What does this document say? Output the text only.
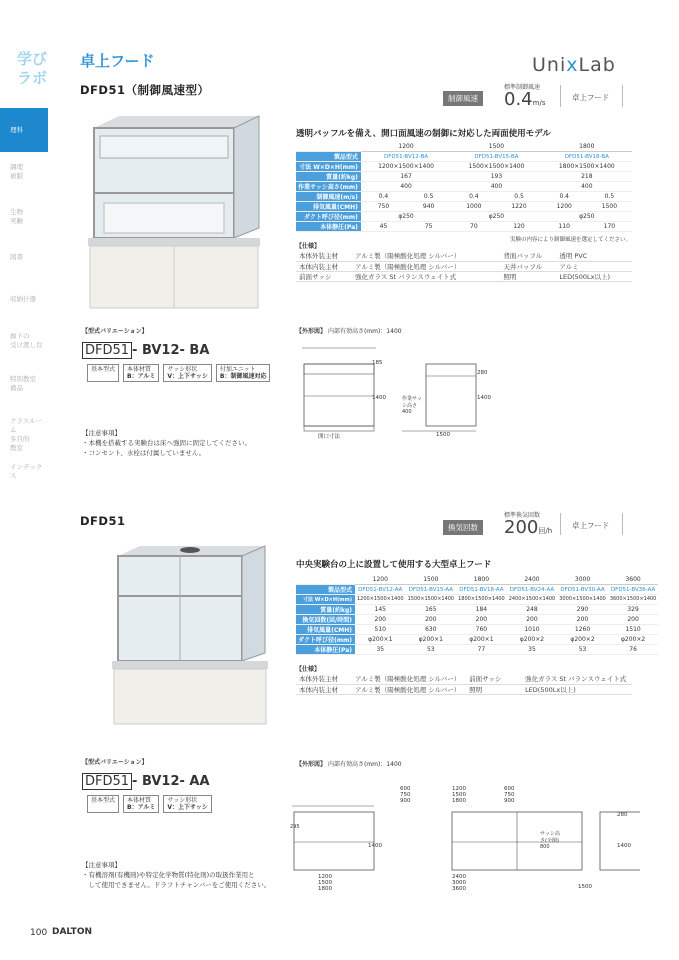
学び
ラボ
理科
調理
被服
生物
実験
図書
収納什器
廊下の
受け渡し台
特別教室
備品
クラスルーム
多目的
教室
インデックス
卓上フード	UnixLab
DFD51（制御風速型）
制御風速
標準制御風速
0.4m/s
卓上フード
透明バッフルを備え、開口面風速の制御に対応した両面使用モデル
	1200		1500		1800	
製品型式	DFD51-BV12-BA		DFD51-BV15-BA		DFD51-BV18-BA	
寸法 W×D×H(mm)	1200×1500×1400		1500×1500×1400		1800×1500×1400	
質量(約kg)	167		193		218	
作業サッシ高さ(mm)	400		400		400	
制御風速(m/s)	0.4	0.5	0.4	0.5	0.4	0.5
排気風量(CMH)	750	940	1000	1220	1200	1500
ダクト呼び径(mm)	φ250		φ250		φ250	
本体静圧(Pa)	45	75	70	120	110	170
実験の内容により制御風速を選定してください。
【仕様】
本体外装主材	アルミ製（陽極酸化処理 シルバー）	背面バッフル	透明 PVC
本体内装主材	アルミ製（陽極酸化処理 シルバー）	天井バッフル	アルミ
前面サッシ	強化ガラス St バランスウェイト式	照明	LED(500Lx以上)
【型式バリエーション】
DFD51 - BV12- BA
基本型式	本体材質
B：アルミ
サッシ形状
V：上下サッシ
付加ユニット
B：制御風速対応
【外形図】 内部有効高さ(mm)：1400
185
1400
開口寸法
作業サッシ高さ
400
280
1400
1500
【注意事項】
・本機を搭載する実験台は床へ強固に固定してください。
・コンセント、水栓は付属していません。
DFD51	換気回数
標準換気回数
200回/h
卓上フード
中央実験台の上に設置して使用する大型卓上フード
	1200	1500	1800	2400	3000	3600
製品型式	DFD51-BV12-AA	DFD51-BV15-AA	DFD51-BV18-AA	DFD51-BV24-AA	DFD51-BV30-AA	DFD51-BV36-AA
寸法 W×D×H(mm)	1200×1500×1400	1500×1500×1400	1800×1500×1400	2400×1500×1400	3000×1500×1400	3600×1500×1400
質量(約kg)	145	165	184	248	290	329
換気回数(回/時間)	200	200	200	200	200	200
排気風量(CMH)	510	630	760	1010	1260	1510
ダクト呼び径(mm)	φ200×1	φ200×1	φ200×1	φ200×2	φ200×2	φ200×2
本体静圧(Pa)	35	53	77	35	53	76
【仕様】
本体外装主材	アルミ製（陽極酸化処理 シルバー）	前面サッシ	強化ガラス St バランスウェイト式
本体内装主材	アルミ製（陽極酸化処理 シルバー）	照明	LED(500Lx以上)
【型式バリエーション】
DFD51 - BV12- AA
基本型式	本体材質
B：アルミ
サッシ形状
V：上下サッシ
【外形図】 内部有効高さ(mm)：1400
295
1400
1200
1500
1800
600
750
900
1200
1500
1800
600
750
900
2400
3000
3600
サッシ高さ(全開)
800
280
1400
1500
【注意事項】
・有機溶剤(有機則)や特定化学物質(特化則)の取扱作業用と
　して使用できません。ドラフトチャンバーをご使用ください。
100 DALTON
